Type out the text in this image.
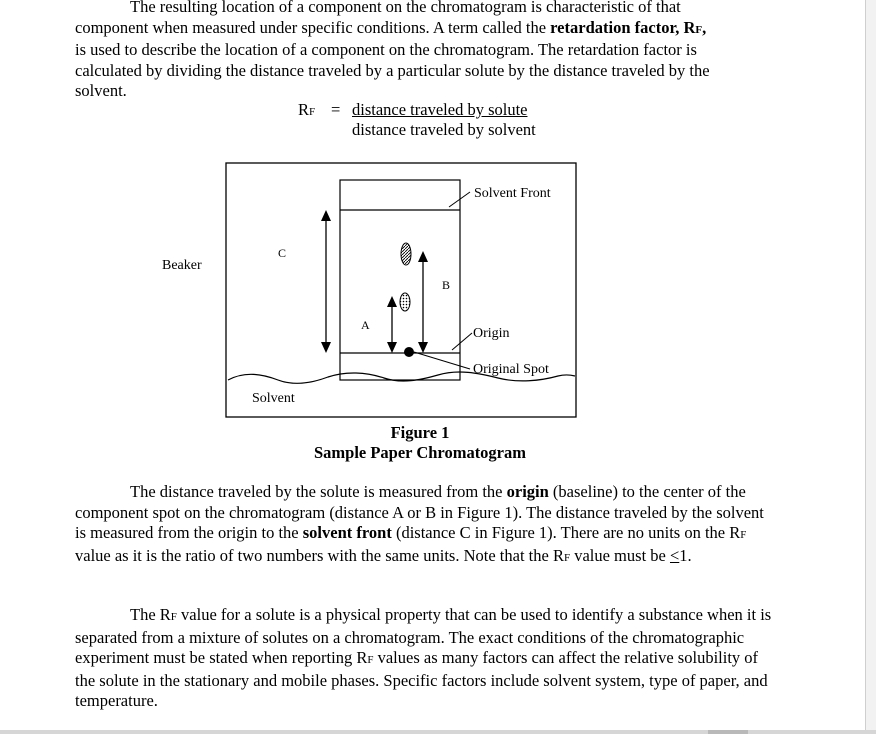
The resulting location of a component on the chromatogram is characteristic of that
component when measured under specific conditions. A term called the retardation factor, RF,
is used to describe the location of a component on the chromatogram. The retardation factor is
calculated by dividing the distance traveled by a particular solute by the distance traveled by the
solvent.

RF = distance traveled by solute
distance traveled by solvent
Beaker
C
A
B
Solvent Front
Origin
Original Spot
Solvent
Figure 1
Sample Paper Chromatogram

The distance traveled by the solute is measured from the origin (baseline) to the center of the component spot on the chromatogram (distance A or B in Figure 1). The distance traveled by the solvent is measured from the origin to the solvent front (distance C in Figure 1). There are no units on the RF value as it is the ratio of two numbers with the same units. Note that the RF value must be ≤1.

The RF value for a solute is a physical property that can be used to identify a substance when it is separated from a mixture of solutes on a chromatogram. The exact conditions of the chromatographic experiment must be stated when reporting RF values as many factors can affect the relative solubility of the solute in the stationary and mobile phases. Specific factors include solvent system, type of paper, and temperature.
